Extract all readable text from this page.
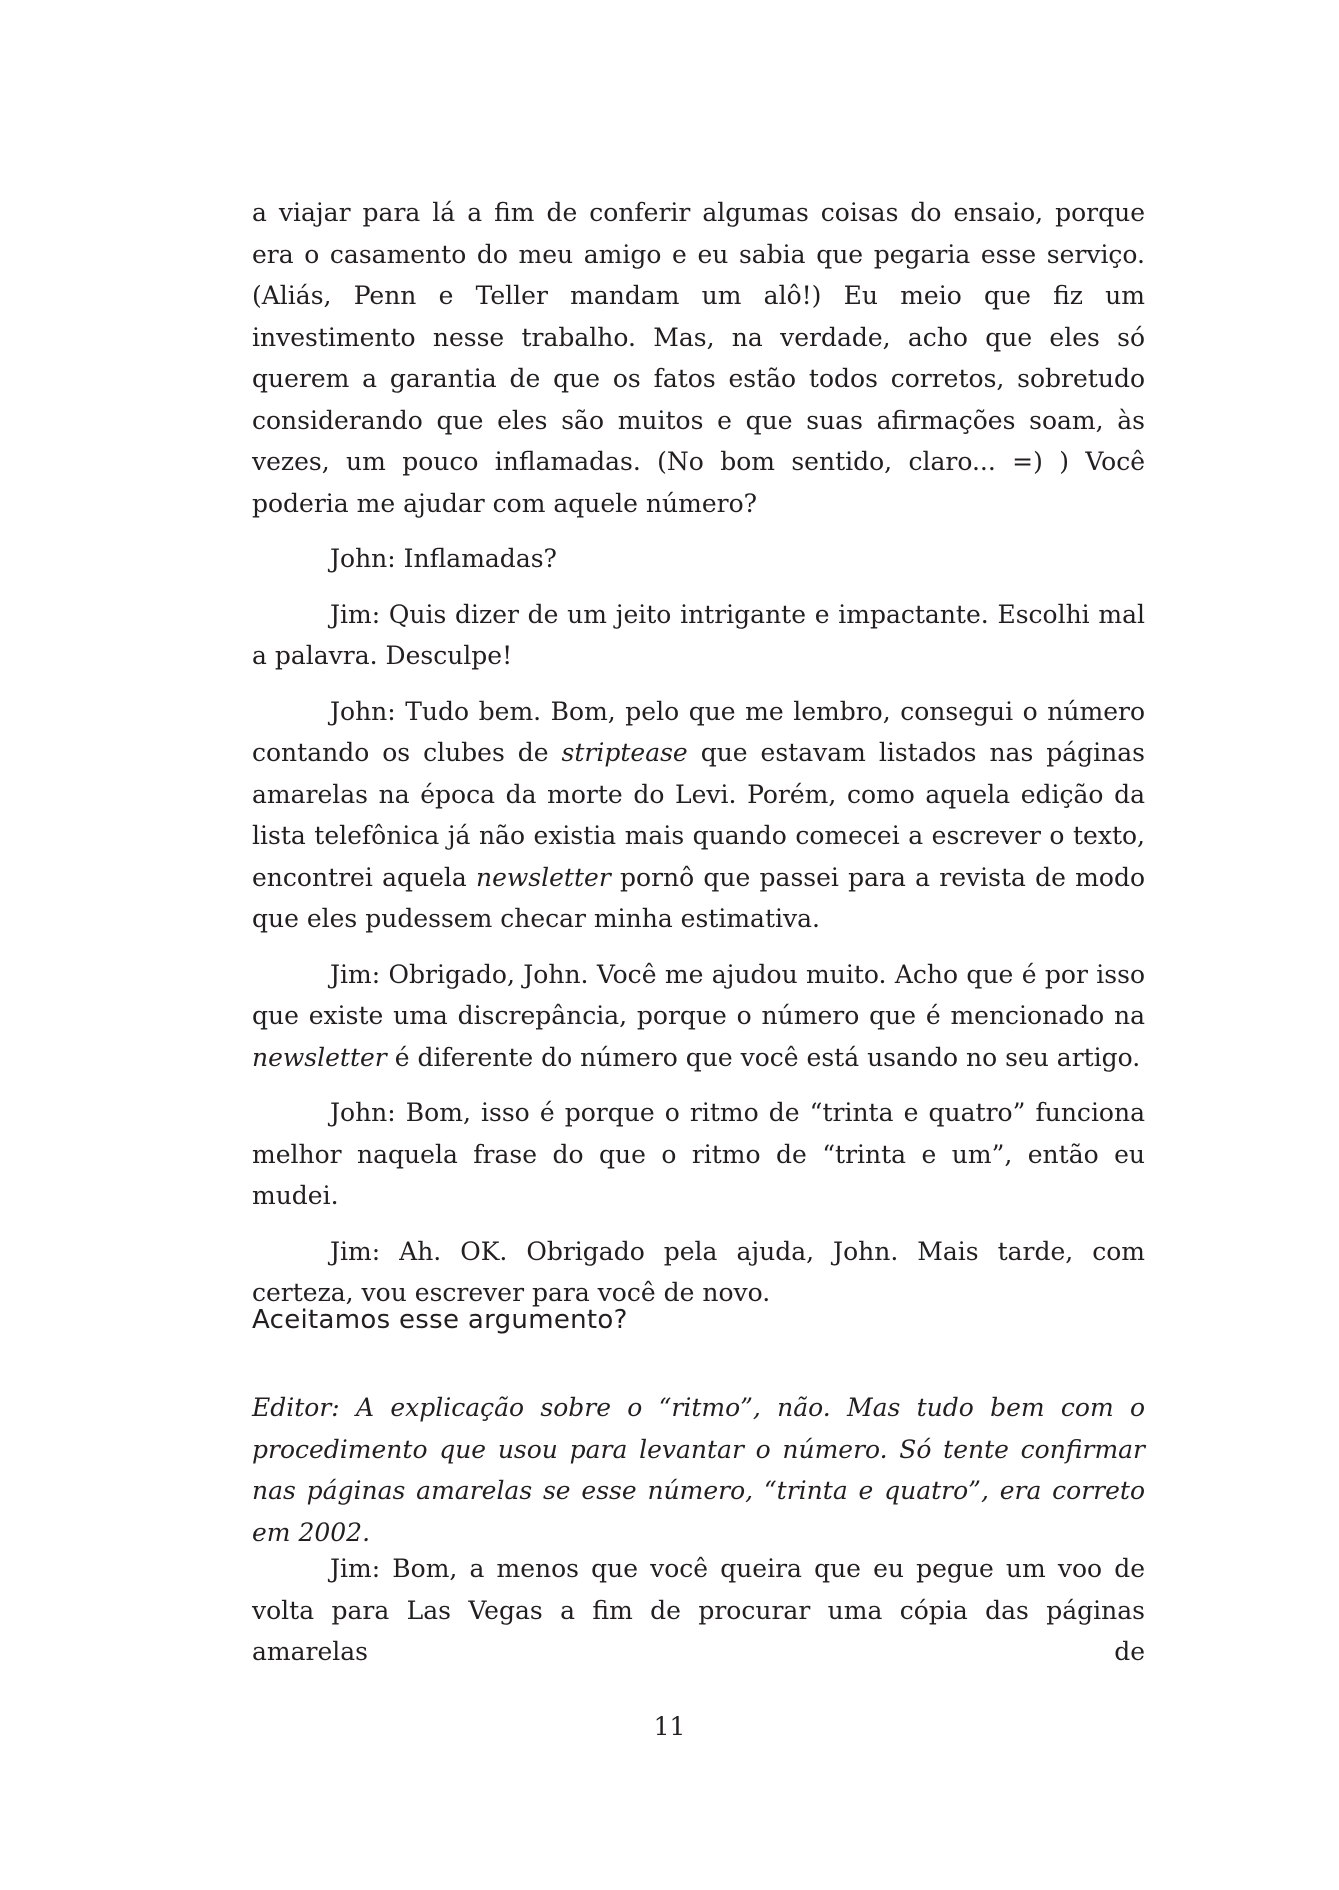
a viajar para lá a fim de conferir algumas coisas do ensaio, porque era o casamento do meu amigo e eu sabia que pegaria esse serviço. (Aliás, Penn e Teller mandam um alô!) Eu meio que fiz um investimento nesse trabalho. Mas, na verdade, acho que eles só querem a garantia de que os fatos estão todos corretos, sobretudo considerando que eles são muitos e que suas afirmações soam, às vezes, um pouco inflamadas. (No bom sentido, claro... =) ) Você poderia me ajudar com aquele número?

John: Inflamadas?

Jim: Quis dizer de um jeito intrigante e impactante. Escolhi mal a palavra. Desculpe!

John: Tudo bem. Bom, pelo que me lembro, consegui o número contando os clubes de striptease que estavam listados nas páginas amarelas na época da morte do Levi. Porém, como aquela edição da lista telefônica já não existia mais quando comecei a escrever o texto, encontrei aquela newsletter pornô que passei para a revista de modo que eles pudessem checar minha estimativa.

Jim: Obrigado, John. Você me ajudou muito. Acho que é por isso que existe uma discrepância, porque o número que é mencionado na newsletter é diferente do número que você está usando no seu artigo.

John: Bom, isso é porque o ritmo de “trinta e quatro” funciona melhor naquela frase do que o ritmo de “trinta e um”, então eu mudei.

Jim: Ah. OK. Obrigado pela ajuda, John. Mais tarde, com certeza, vou escrever para você de novo.

Aceitamos esse argumento?

Editor: A explicação sobre o “ritmo”, não. Mas tudo bem com o procedimento que usou para levantar o número. Só tente confirmar nas páginas amarelas se esse número, “trinta e quatro”, era correto em 2002.

Jim: Bom, a menos que você queira que eu pegue um voo de volta para Las Vegas a fim de procurar uma cópia das páginas amarelas de

11
